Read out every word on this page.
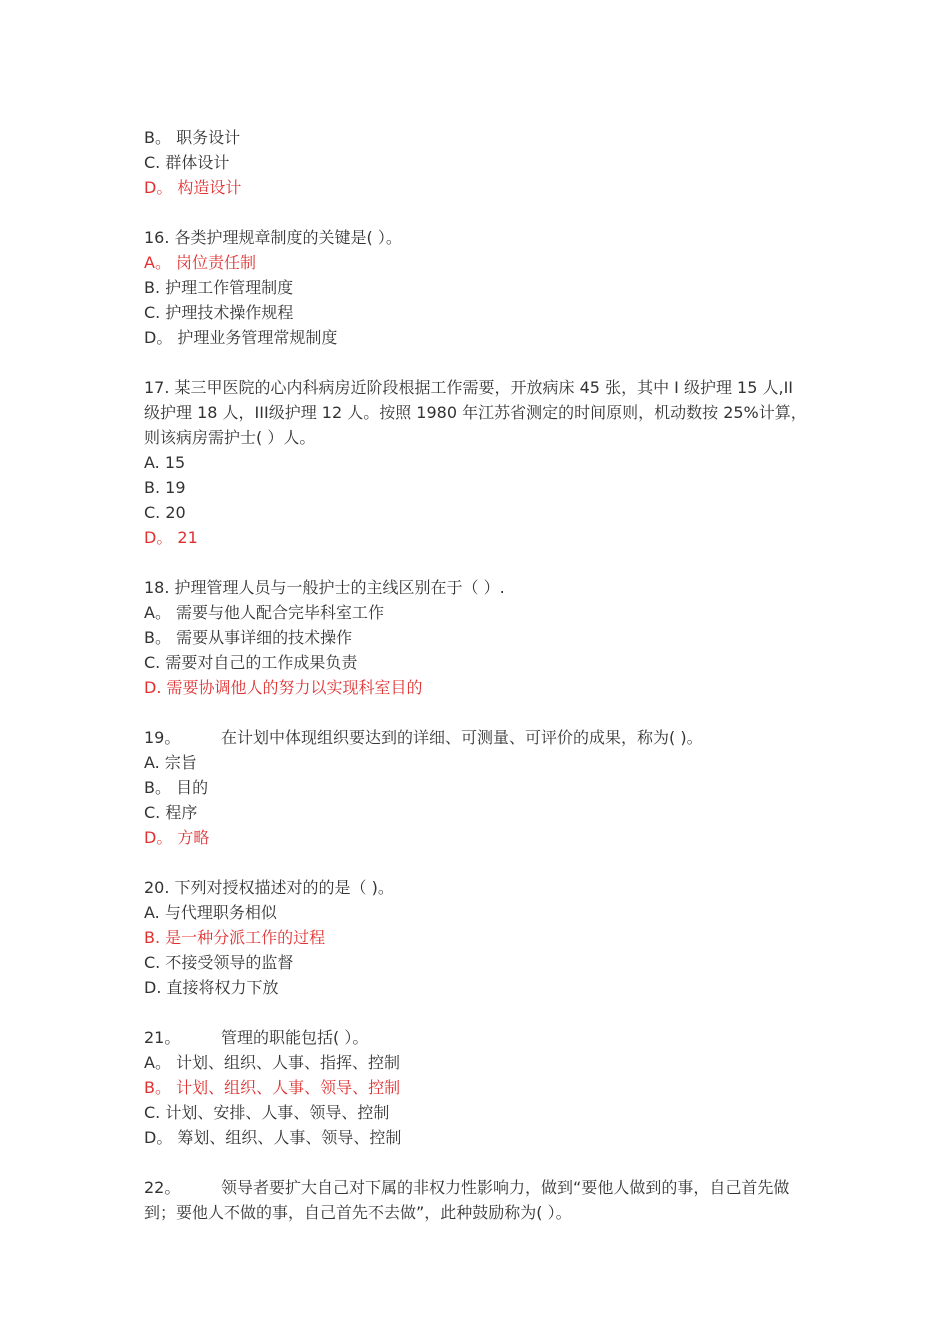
B。 职务设计
C. 群体设计
D。 构造设计
16. 各类护理规章制度的关键是( ）。
A。 岗位责任制
B. 护理工作管理制度
C. 护理技术操作规程
D。 护理业务管理常规制度
17. 某三甲医院的心内科病房近阶段根据工作需要，开放病床 45 张，其中 I 级护理 15 人,II 级护理 18 人，III级护理 12 人。按照 1980 年江苏省测定的时间原则，机动数按 25%计算，则该病房需护士( ）人。
A. 15
B. 19
C. 20
D。 21
18. 护理管理人员与一般护士的主线区别在于（ ）.
A。 需要与他人配合完毕科室工作
B。 需要从事详细的技术操作
C. 需要对自己的工作成果负责
D. 需要协调他人的努力以实现科室目的
19。        在计划中体现组织要达到的详细、可测量、可评价的成果，称为( )。
A. 宗旨
B。 目的
C. 程序
D。 方略
20. 下列对授权描述对的的是（ )。
A. 与代理职务相似
B. 是一种分派工作的过程
C. 不接受领导的监督
D. 直接将权力下放
21。        管理的职能包括( ）。
A。 计划、组织、人事、指挥、控制
B。 计划、组织、人事、领导、控制
C. 计划、安排、人事、领导、控制
D。 筹划、组织、人事、领导、控制
22。        领导者要扩大自己对下属的非权力性影响力，做到“要他人做到的事，自己首先做到；要他人不做的事，自己首先不去做”，此种鼓励称为( ）。
